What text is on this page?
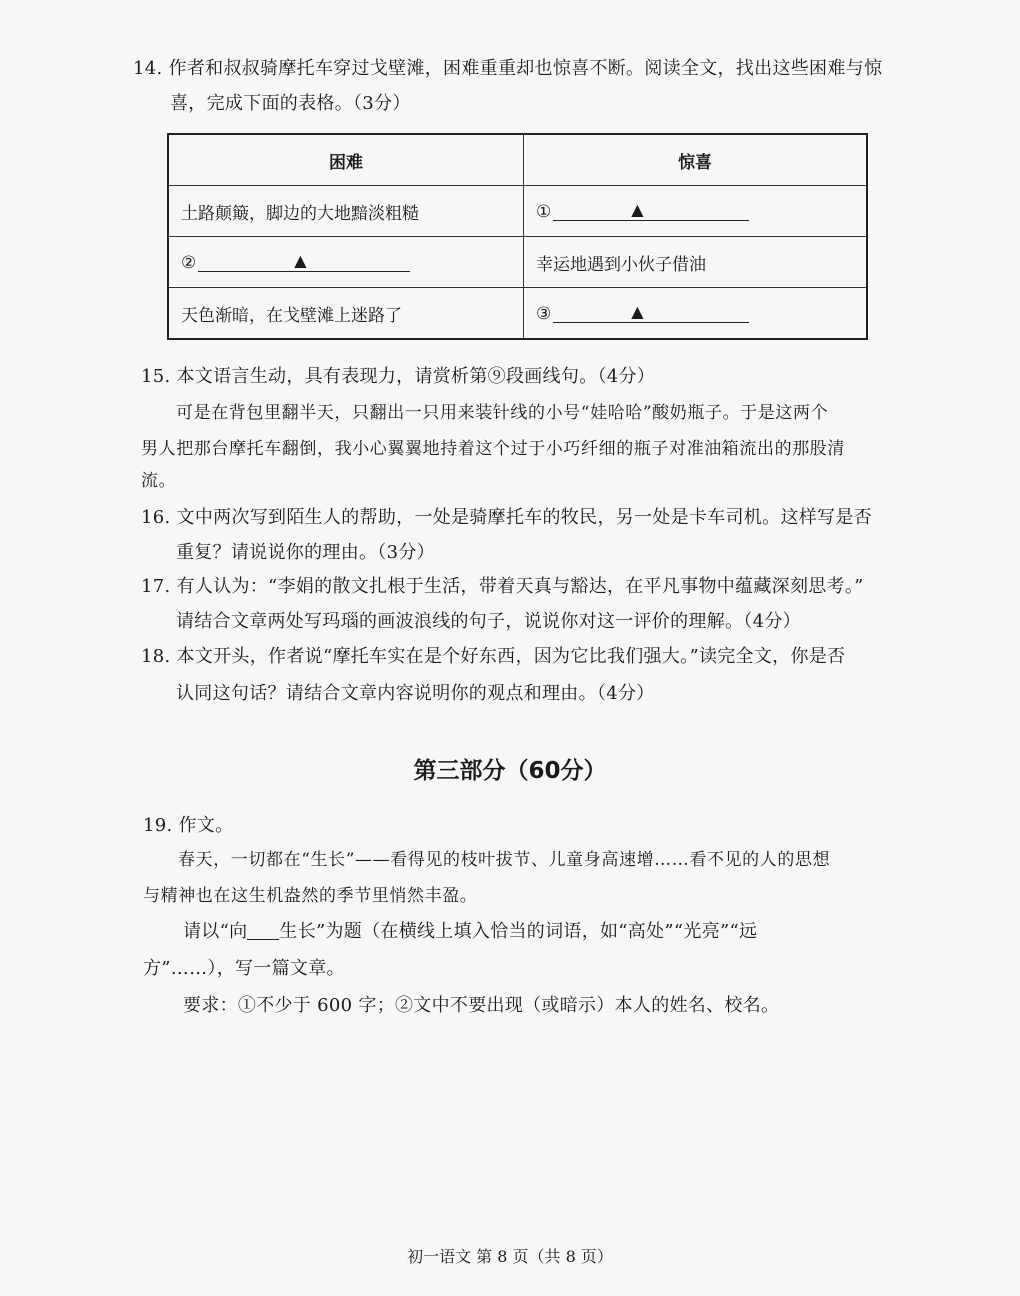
14. 作者和叔叔骑摩托车穿过戈壁滩，困难重重却也惊喜不断。阅读全文，找出这些困难与惊
喜，完成下面的表格。（3分）
困难	惊喜
土路颠簸，脚边的大地黯淡粗糙	① ▲

② ▲	幸运地遇到小伙子借油
天色渐暗，在戈壁滩上迷路了	③ ▲
15. 本文语言生动，具有表现力，请赏析第⑨段画线句。（4分）
可是在背包里翻半天，只翻出一只用来装针线的小号“娃哈哈”酸奶瓶子。于是这两个
男人把那台摩托车翻倒，我小心翼翼地持着这个过于小巧纤细的瓶子对准油箱流出的那股清
流。
16. 文中两次写到陌生人的帮助，一处是骑摩托车的牧民，另一处是卡车司机。这样写是否
重复？请说说你的理由。（3分）
17. 有人认为：“李娟的散文扎根于生活，带着天真与豁达，在平凡事物中蕴藏深刻思考。”
请结合文章两处写玛瑙的画波浪线的句子，说说你对这一评价的理解。（4分）
18. 本文开头，作者说“摩托车实在是个好东西，因为它比我们强大。”读完全文，你是否
认同这句话？请结合文章内容说明你的观点和理由。（4分）
第三部分（60分）
19. 作文。
春天，一切都在“生长”——看得见的枝叶拔节、儿童身高速增……看不见的人的思想
与精神也在这生机盎然的季节里悄然丰盈。
请以“向 生长”为题（在横线上填入恰当的词语，如“高处”“光亮”“远
方”……），写一篇文章。
要求：①不少于 600 字；②文中不要出现（或暗示）本人的姓名、校名。
初一语文 第 8 页（共 8 页）
